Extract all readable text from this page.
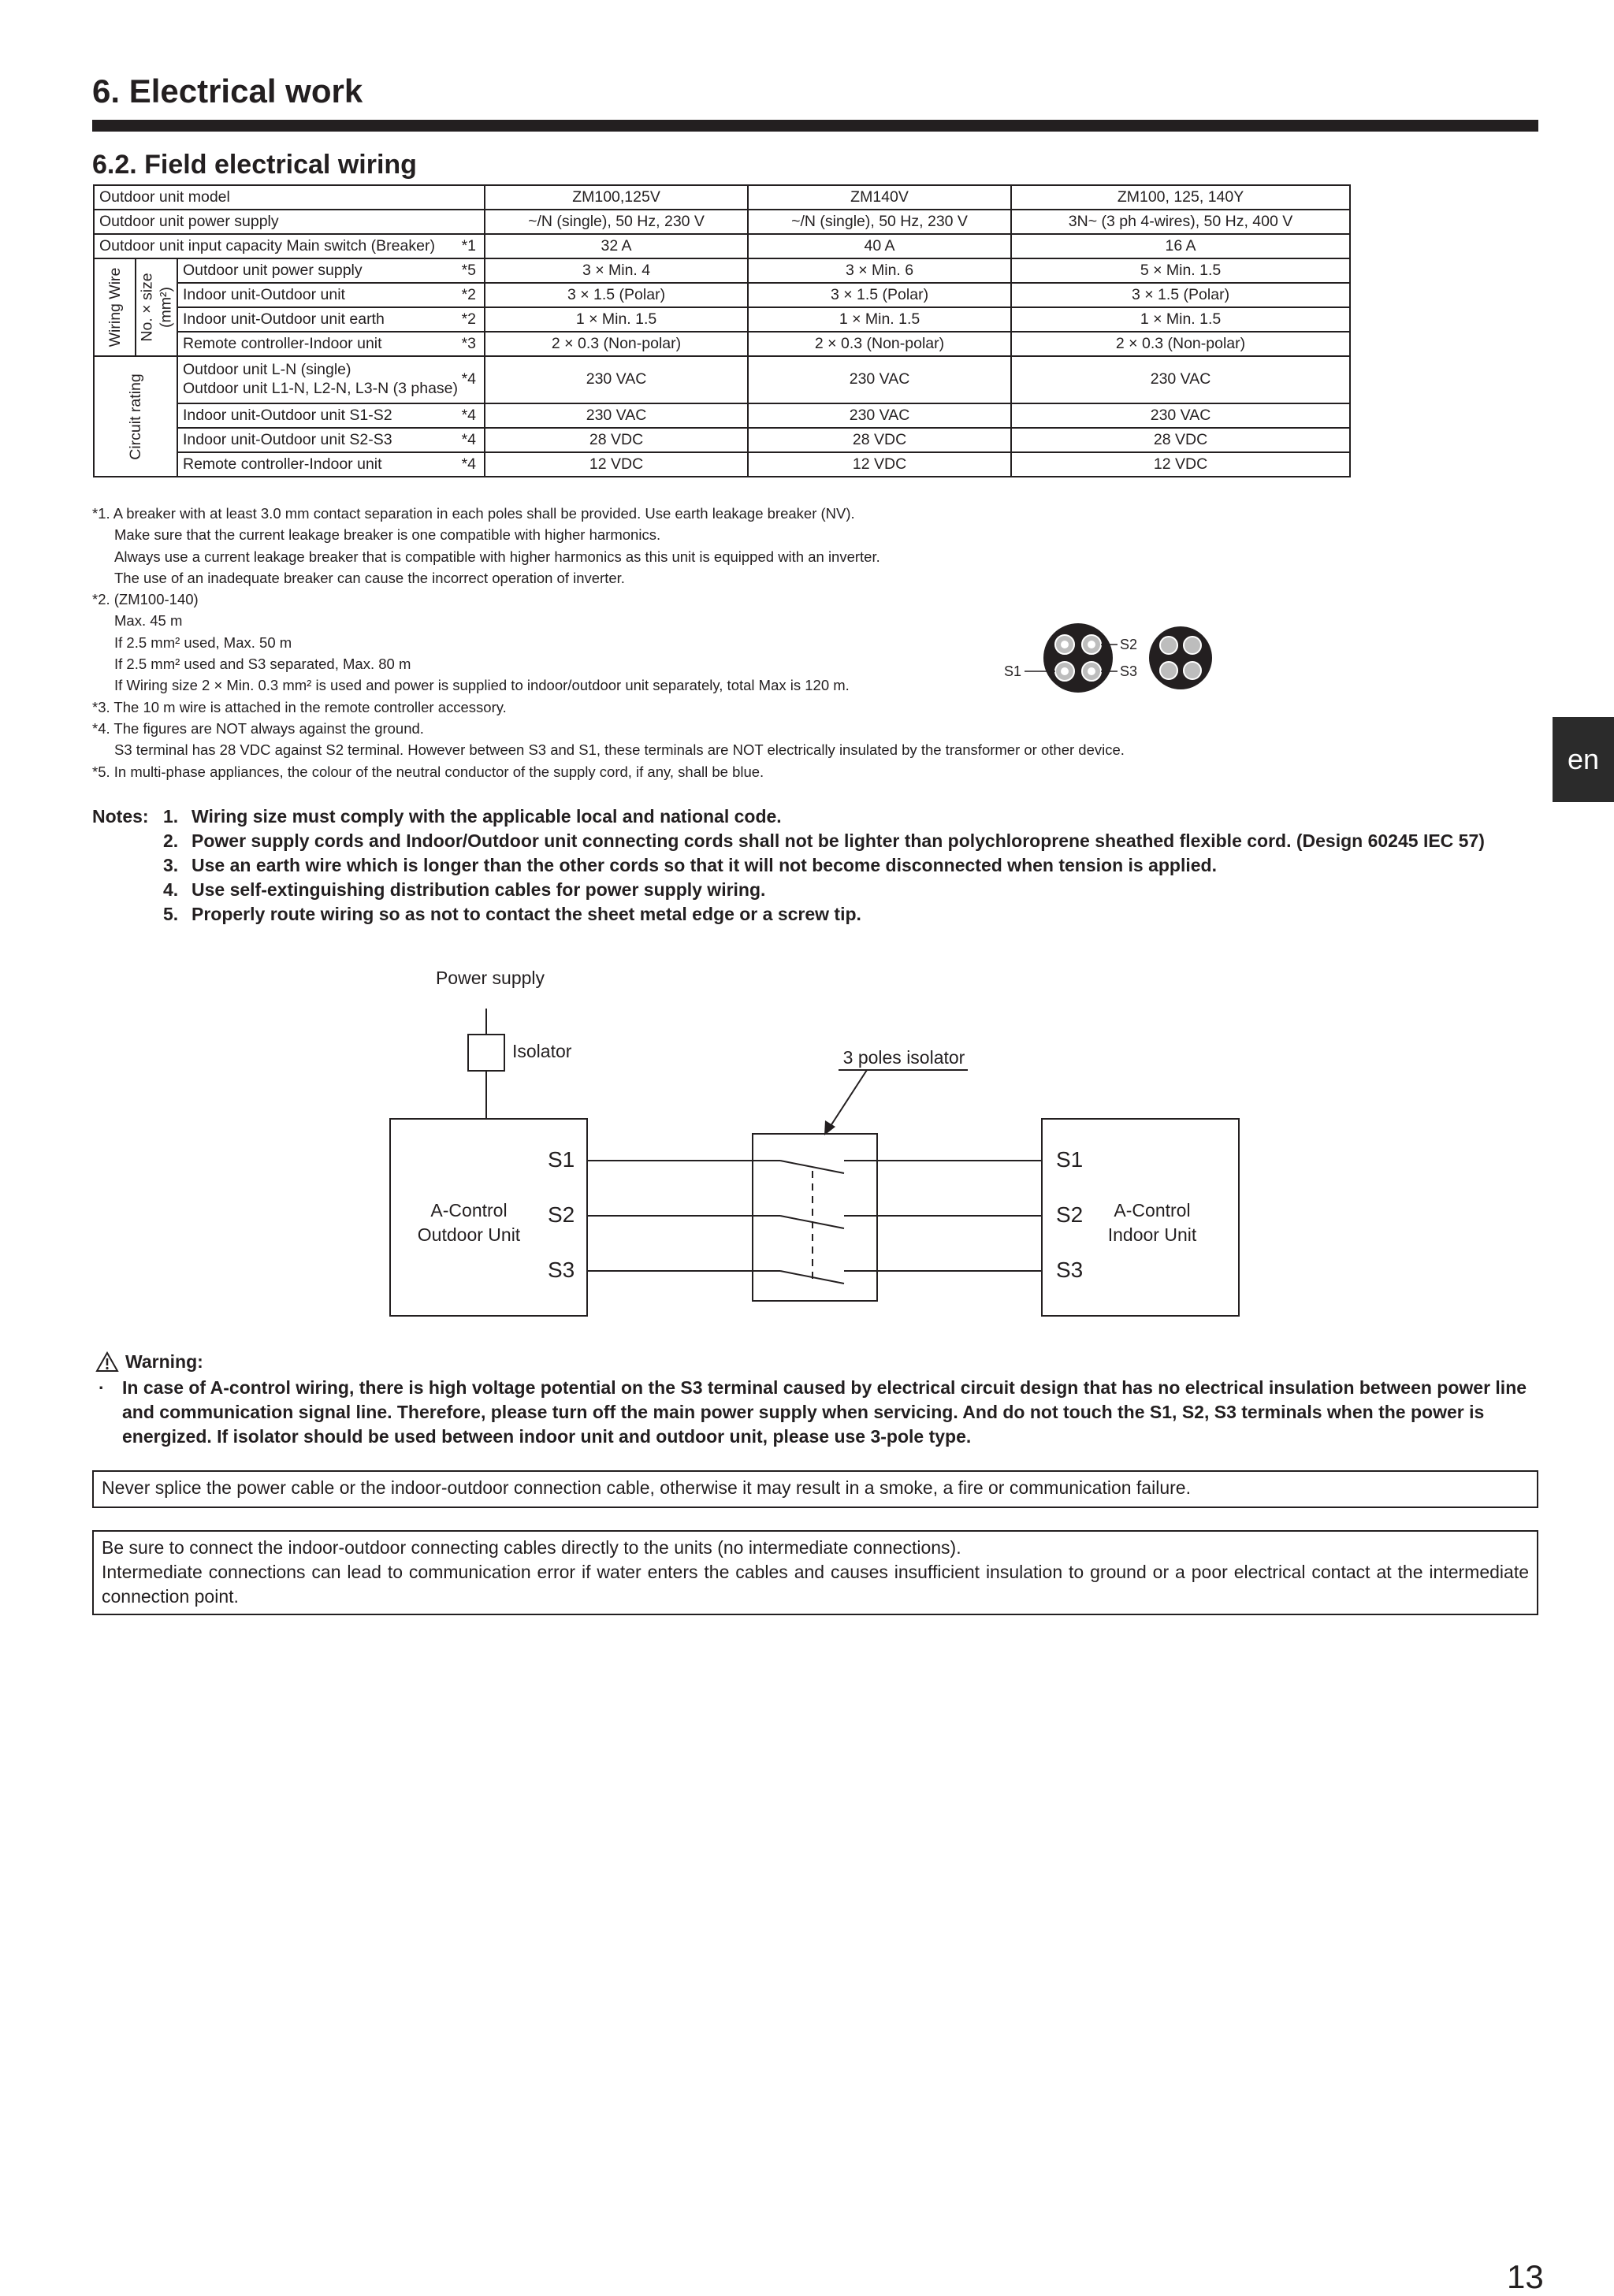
6. Electrical work
6.2. Field electrical wiring
Outdoor unit model				ZM100,125V	ZM140V	ZM100, 125, 140Y
Outdoor unit power supply				~/N (single), 50 Hz, 230 V	~/N (single), 50 Hz, 230 V	3N~ (3 ph 4-wires), 50 Hz, 400 V
Outdoor unit input capacity Main switch (Breaker)			*1	32 A	40 A	16 A

Wiring Wire	No. × size (mm²)	Outdoor unit power supply	*5	3 × Min. 4	3 × Min. 6	5 × Min. 1.5
		Indoor unit-Outdoor unit	*2	3 × 1.5 (Polar)	3 × 1.5 (Polar)	3 × 1.5 (Polar)
		Indoor unit-Outdoor unit earth	*2	1 × Min. 1.5	1 × Min. 1.5	1 × Min. 1.5
		Remote controller-Indoor unit	*3	2 × 0.3 (Non-polar)	2 × 0.3 (Non-polar)	2 × 0.3 (Non-polar)

Circuit rating		Outdoor unit L-N (single)
Outdoor unit L1-N, L2-N, L3-N (3 phase)	*4	230 VAC	230 VAC	230 VAC
		Indoor unit-Outdoor unit S1-S2	*4	230 VAC	230 VAC	230 VAC
		Indoor unit-Outdoor unit S2-S3	*4	28 VDC	28 VDC	28 VDC
		Remote controller-Indoor unit	*4	12 VDC	12 VDC	12 VDC
*1. A breaker with at least 3.0 mm contact separation in each poles shall be provided. Use earth leakage breaker (NV).
Make sure that the current leakage breaker is one compatible with higher harmonics.
Always use a current leakage breaker that is compatible with higher harmonics as this unit is equipped with an inverter.
The use of an inadequate breaker can cause the incorrect operation of inverter.
*2. (ZM100-140)
Max. 45 m
If 2.5 mm² used, Max. 50 m
If 2.5 mm² used and S3 separated, Max. 80 m
If Wiring size 2 × Min. 0.3 mm² is used and power is supplied to indoor/outdoor unit separately, total Max is 120 m.
*3. The 10 m wire is attached in the remote controller accessory.
*4. The figures are NOT always against the ground.
S3 terminal has 28 VDC against S2 terminal. However between S3 and S1, these terminals are NOT electrically insulated by the transformer or other device.
*5. In multi-phase appliances, the colour of the neutral conductor of the supply cord, if any, shall be blue.
S1
S2
S3
en
Notes: 1. Wiring size must comply with the applicable local and national code.
2. Power supply cords and Indoor/Outdoor unit connecting cords shall not be lighter than polychloroprene sheathed flexible cord. (Design 60245 IEC 57)
3. Use an earth wire which is longer than the other cords so that it will not become disconnected when tension is applied.
4. Use self-extinguishing distribution cables for power supply wiring.
5. Properly route wiring so as not to contact the sheet metal edge or a screw tip.
Power supply
Isolator	3 poles isolator
S1
S2
S3
A-Control
Outdoor Unit
S1
S2
S3
A-Control
Indoor Unit
Warning:
· In case of A-control wiring, there is high voltage potential on the S3 terminal caused by electrical circuit design that has no electrical insulation between power line and communication signal line. Therefore, please turn off the main power supply when servicing. And do not touch the S1, S2, S3 terminals when the power is energized. If isolator should be used between indoor unit and outdoor unit, please use 3-pole type.
Never splice the power cable or the indoor-outdoor connection cable, otherwise it may result in a smoke, a fire or communication failure.
Be sure to connect the indoor-outdoor connecting cables directly to the units (no intermediate connections).
Intermediate connections can lead to communication error if water enters the cables and causes insufficient insulation to ground or a poor electrical contact at the intermediate connection point.
13
